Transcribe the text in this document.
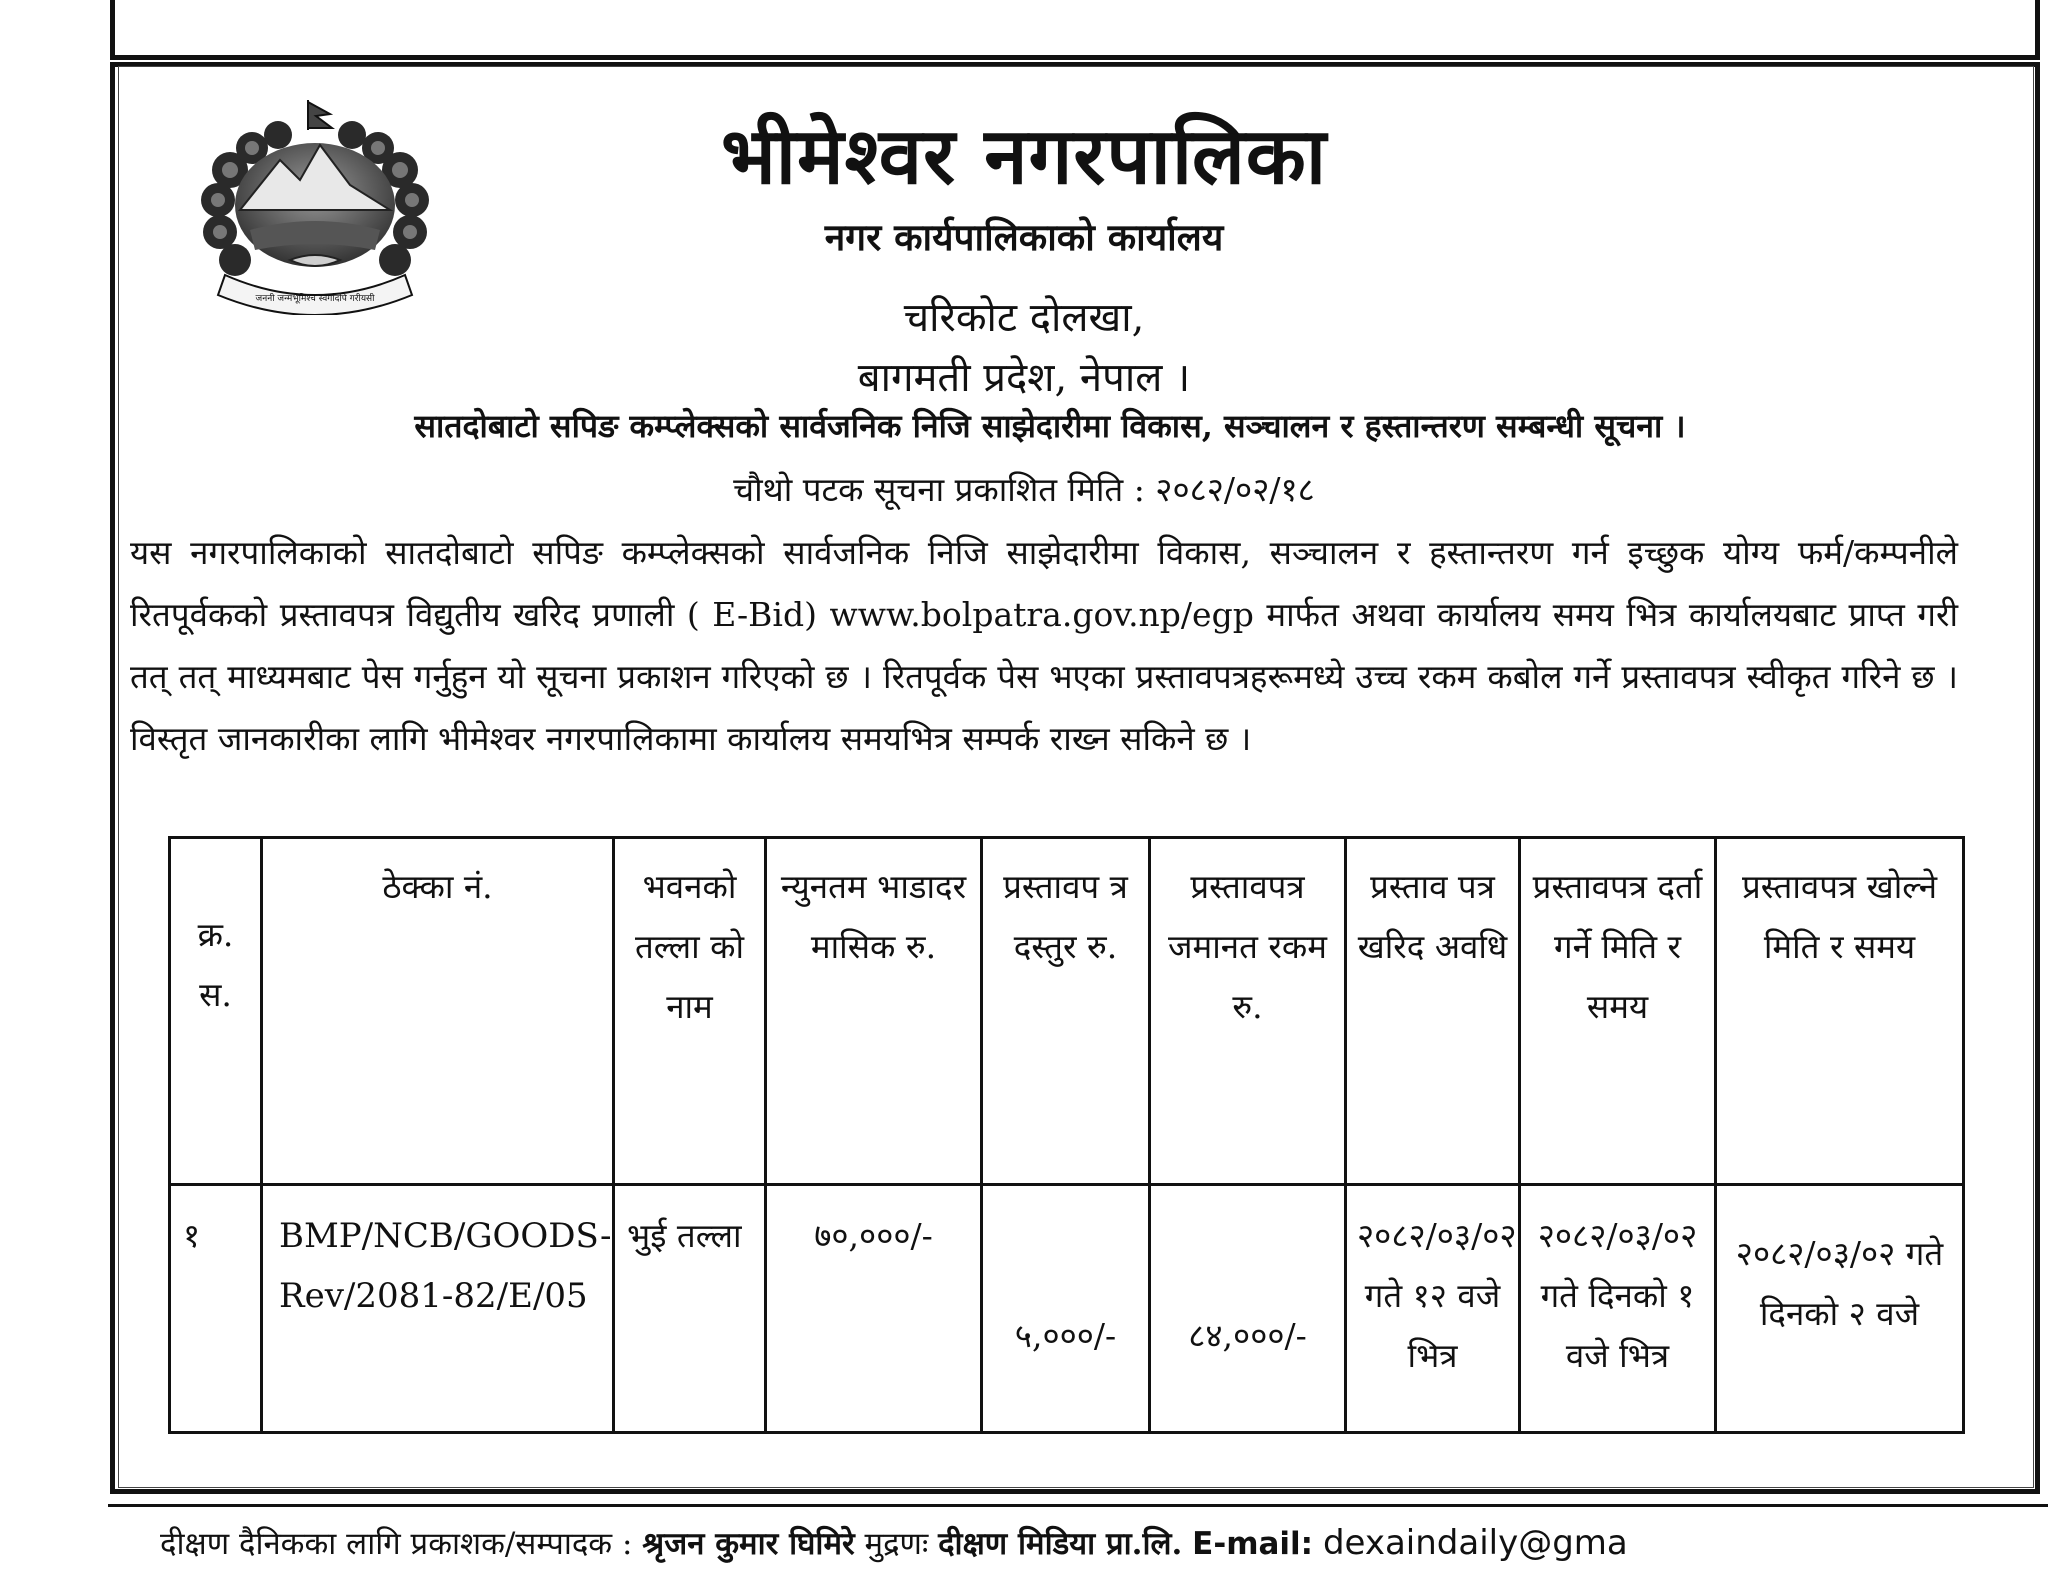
जननी जन्मभूमिश्च स्वर्गादपि गरीयसी
भीमेश्वर नगरपालिका
नगर कार्यपालिकाको कार्यालय
चरिकोट दोलखा,
बागमती प्रदेश, नेपाल ।
सातदोबाटो सपिङ कम्प्लेक्सको सार्वजनिक निजि साझेदारीमा विकास, सञ्चालन र हस्तान्तरण सम्बन्धी सूचना ।
चौथो पटक सूचना प्रकाशित मिति : २०८२/०२/१८
यस नगरपालिकाको सातदोबाटो सपिङ कम्प्लेक्सको सार्वजनिक निजि साझेदारीमा विकास, सञ्चालन र हस्तान्तरण गर्न इच्छुक योग्य फर्म/कम्पनीले रितपूर्वकको प्रस्तावपत्र विद्युतीय खरिद प्रणाली ( E-Bid) www.bolpatra.gov.np/egp मार्फत अथवा कार्यालय समय भित्र कार्यालयबाट प्राप्त गरी तत् तत् माध्यमबाट पेस गर्नुहुन यो सूचना प्रकाशन गरिएको छ । रितपूर्वक पेस भएका प्रस्तावपत्रहरूमध्ये उच्च रकम कबोल गर्ने प्रस्तावपत्र स्वीकृत गरिने छ । विस्तृत जानकारीका लागि भीमेश्वर नगरपालिकामा कार्यालय समयभित्र सम्पर्क राख्न सकिने छ ।
क्र. स.	ठेक्का नं.	भवनको तल्ला को नाम	न्युनतम भाडादर मासिक रु.	प्रस्तावप त्र दस्तुर रु.	प्रस्तावपत्र जमानत रकम रु.	प्रस्ताव पत्र खरिद अवधि	प्रस्तावपत्र दर्ता गर्ने मिति र समय	प्रस्तावपत्र खोल्ने मिति र समय
१	BMP/NCB/GOODS-Rev/2081-82/E/05	भुई तल्ला	७०,०००/-	५,०००/-	८४,०००/-	२०८२/०३/०२ गते १२ वजे भित्र	२०८२/०३/०२ गते दिनको १ वजे भित्र	२०८२/०३/०२ गते दिनको २ वजे
दीक्षण दैनिकका लागि प्रकाशक/सम्पादक : श्रृजन कुमार घिमिरे मुद्रणः दीक्षण मिडिया प्रा.लि. E-mail: dexaindaily@gma
